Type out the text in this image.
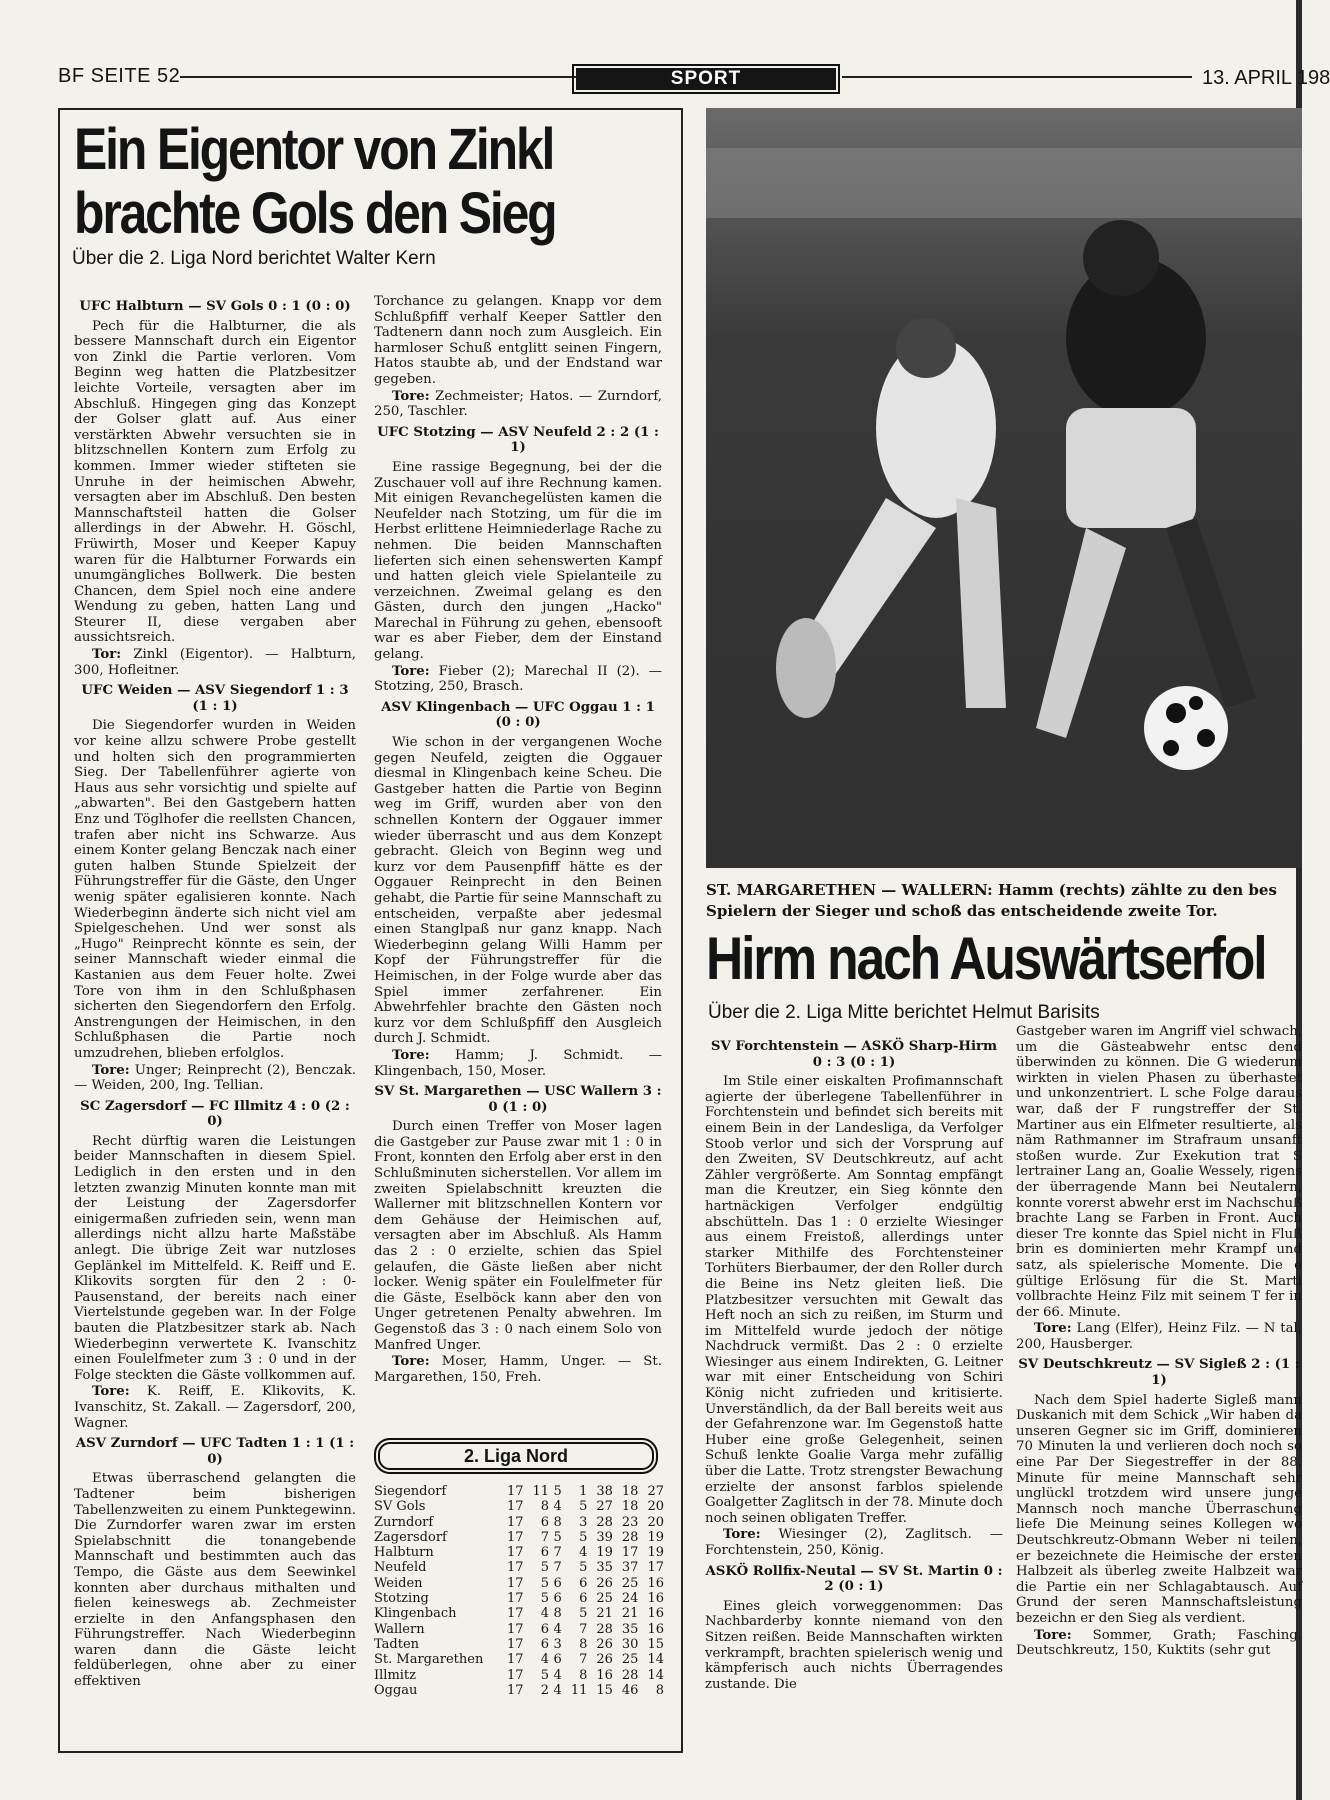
BF SEITE 52	SPORT	13. APRIL 198
Ein Eigentor von Zinkl
brachte Gols den Sieg
Über die 2. Liga Nord berichtet Walter Kern
UFC Halbturn — SV Gols 0 : 1 (0 : 0)

Pech für die Halbturner, die als bessere Mannschaft durch ein Eigentor von Zinkl die Partie verloren. Vom Beginn weg hatten die Platzbesitzer leichte Vorteile, versagten aber im Abschluß. Hingegen ging das Konzept der Golser glatt auf. Aus einer verstärkten Abwehr versuchten sie in blitzschnellen Kontern zum Erfolg zu kommen. Immer wieder stifteten sie Unruhe in der heimischen Abwehr, versagten aber im Abschluß. Den besten Mannschaftsteil hatten die Golser allerdings in der Abwehr. H. Göschl, Früwirth, Moser und Keeper Kapuy waren für die Halbturner Forwards ein unumgängliches Bollwerk. Die besten Chancen, dem Spiel noch eine andere Wendung zu geben, hatten Lang und Steurer II, diese vergaben aber aussichtsreich.

Tor: Zinkl (Eigentor). — Halbturn, 300, Hofleitner.

UFC Weiden — ASV Siegendorf 1 : 3 (1 : 1)

Die Siegendorfer wurden in Weiden vor keine allzu schwere Probe gestellt und holten sich den programmierten Sieg. Der Tabellenführer agierte von Haus aus sehr vorsichtig und spielte auf „abwarten". Bei den Gastgebern hatten Enz und Töglhofer die reellsten Chancen, trafen aber nicht ins Schwarze. Aus einem Konter gelang Benczak nach einer guten halben Stunde Spielzeit der Führungstreffer für die Gäste, den Unger wenig später egalisieren konnte. Nach Wiederbeginn änderte sich nicht viel am Spielgeschehen. Und wer sonst als „Hugo" Reinprecht könnte es sein, der seiner Mannschaft wieder einmal die Kastanien aus dem Feuer holte. Zwei Tore von ihm in den Schlußphasen sicherten den Siegendorfern den Erfolg. Anstrengungen der Heimischen, in den Schlußphasen die Partie noch umzudrehen, blieben erfolglos.

Tore: Unger; Reinprecht (2), Benczak. — Weiden, 200, Ing. Tellian.

SC Zagersdorf — FC Illmitz 4 : 0 (2 : 0)

Recht dürftig waren die Leistungen beider Mannschaften in diesem Spiel. Lediglich in den ersten und in den letzten zwanzig Minuten konnte man mit der Leistung der Zagersdorfer einigermaßen zufrieden sein, wenn man allerdings nicht allzu harte Maßstäbe anlegt. Die übrige Zeit war nutzloses Geplänkel im Mittelfeld. K. Reiff und E. Klikovits sorgten für den 2 : 0-Pausenstand, der bereits nach einer Viertelstunde gegeben war. In der Folge bauten die Platzbesitzer stark ab. Nach Wiederbeginn verwertete K. Ivanschitz einen Foulelfmeter zum 3 : 0 und in der Folge steckten die Gäste vollkommen auf.

Tore: K. Reiff, E. Klikovits, K. Ivanschitz, St. Zakall. — Zagersdorf, 200, Wagner.

ASV Zurndorf — UFC Tadten 1 : 1 (1 : 0)

Etwas überraschend gelangten die Tadtener beim bisherigen Tabellenzweiten zu einem Punktegewinn. Die Zurndorfer waren zwar im ersten Spielabschnitt die tonangebende Mannschaft und bestimmten auch das Tempo, die Gäste aus dem Seewinkel konnten aber durchaus mithalten und fielen keineswegs ab. Zechmeister erzielte in den Anfangsphasen den Führungstreffer. Nach Wiederbeginn waren dann die Gäste leicht feldüberlegen, ohne aber zu einer effektiven

Torchance zu gelangen. Knapp vor dem Schlußpfiff verhalf Keeper Sattler den Tadtenern dann noch zum Ausgleich. Ein harmloser Schuß entglitt seinen Fingern, Hatos staubte ab, und der Endstand war gegeben.

Tore: Zechmeister; Hatos. — Zurndorf, 250, Taschler.

UFC Stotzing — ASV Neufeld 2 : 2 (1 : 1)

Eine rassige Begegnung, bei der die Zuschauer voll auf ihre Rechnung kamen. Mit einigen Revanchegelüsten kamen die Neufelder nach Stotzing, um für die im Herbst erlittene Heimniederlage Rache zu nehmen. Die beiden Mannschaften lieferten sich einen sehenswerten Kampf und hatten gleich viele Spielanteile zu verzeichnen. Zweimal gelang es den Gästen, durch den jungen „Hacko" Marechal in Führung zu gehen, ebensooft war es aber Fieber, dem der Einstand gelang.

Tore: Fieber (2); Marechal II (2). — Stotzing, 250, Brasch.

ASV Klingenbach — UFC Oggau 1 : 1 (0 : 0)

Wie schon in der vergangenen Woche gegen Neufeld, zeigten die Oggauer diesmal in Klingenbach keine Scheu. Die Gastgeber hatten die Partie von Beginn weg im Griff, wurden aber von den schnellen Kontern der Oggauer immer wieder überrascht und aus dem Konzept gebracht. Gleich von Beginn weg und kurz vor dem Pausenpfiff hätte es der Oggauer Reinprecht in den Beinen gehabt, die Partie für seine Mannschaft zu entscheiden, verpaßte aber jedesmal einen Stanglpaß nur ganz knapp. Nach Wiederbeginn gelang Willi Hamm per Kopf der Führungstreffer für die Heimischen, in der Folge wurde aber das Spiel immer zerfahrener. Ein Abwehrfehler brachte den Gästen noch kurz vor dem Schlußpfiff den Ausgleich durch J. Schmidt.

Tore: Hamm; J. Schmidt. — Klingenbach, 150, Moser.

SV St. Margarethen — USC Wallern 3 : 0 (1 : 0)

Durch einen Treffer von Moser lagen die Gastgeber zur Pause zwar mit 1 : 0 in Front, konnten den Erfolg aber erst in den Schlußminuten sicherstellen. Vor allem im zweiten Spielabschnitt kreuzten die Wallerner mit blitzschnellen Kontern vor dem Gehäuse der Heimischen auf, versagten aber im Abschluß. Als Hamm das 2 : 0 erzielte, schien das Spiel gelaufen, die Gäste ließen aber nicht locker. Wenig später ein Foulelfmeter für die Gäste, Eselböck kann aber den von Unger getretenen Penalty abwehren. Im Gegenstoß das 3 : 0 nach einem Solo von Manfred Unger.

Tore: Moser, Hamm, Unger. — St. Margarethen, 150, Freh.

2. Liga Nord
Siegendorf	17	11	5	1	38	18	27
SV Gols	17	8	4	5	27	18	20
Zurndorf	17	6	8	3	28	23	20
Zagersdorf	17	7	5	5	39	28	19
Halbturn	17	6	7	4	19	17	19
Neufeld	17	5	7	5	35	37	17
Weiden	17	5	6	6	26	25	16
Stotzing	17	5	6	6	25	24	16
Klingenbach	17	4	8	5	21	21	16
Wallern	17	6	4	7	28	35	16
Tadten	17	6	3	8	26	30	15
St. Margarethen	17	4	6	7	26	25	14
Illmitz	17	5	4	8	16	28	14
Oggau	17	2	4	11	15	46	8
ST. MARGARETHEN — WALLERN: Hamm (rechts) zählte zu den bes
Spielern der Sieger und schoß das entscheidende zweite Tor.
Hirm nach Auswärtserfol
Über die 2. Liga Mitte berichtet Helmut Barisits
SV Forchtenstein — ASKÖ Sharp-Hirm 0 : 3 (0 : 1)

Im Stile einer eiskalten Profimannschaft agierte der überlegene Tabellenführer in Forchtenstein und befindet sich bereits mit einem Bein in der Landesliga, da Verfolger Stoob verlor und sich der Vorsprung auf den Zweiten, SV Deutschkreutz, auf acht Zähler vergrößerte. Am Sonntag empfängt man die Kreutzer, ein Sieg könnte den hartnäckigen Verfolger endgültig abschütteln. Das 1 : 0 erzielte Wiesinger aus einem Freistoß, allerdings unter starker Mithilfe des Forchtensteiner Torhüters Bierbaumer, der den Roller durch die Beine ins Netz gleiten ließ. Die Platzbesitzer versuchten mit Gewalt das Heft noch an sich zu reißen, im Sturm und im Mittelfeld wurde jedoch der nötige Nachdruck vermißt. Das 2 : 0 erzielte Wiesinger aus einem Indirekten, G. Leitner war mit einer Entscheidung von Schiri König nicht zufrieden und kritisierte. Unverständlich, da der Ball bereits weit aus der Gefahrenzone war. Im Gegenstoß hatte Huber eine große Gelegenheit, seinen Schuß lenkte Goalie Varga mehr zufällig über die Latte. Trotz strengster Bewachung erzielte der ansonst farblos spielende Goalgetter Zaglitsch in der 78. Minute doch noch seinen obligaten Treffer.

Tore: Wiesinger (2), Zaglitsch. — Forchtenstein, 250, König.

ASKÖ Rollfix-Neutal — SV St. Martin 0 : 2 (0 : 1)

Eines gleich vorweggenommen: Das Nachbarderby konnte niemand von den Sitzen reißen. Beide Mannschaften wirkten verkrampft, brachten spielerisch wenig und kämpferisch auch nichts Überragendes zustande. Die

Gastgeber waren im Angriff viel schwach, um die Gästeabwehr entsc dend überwinden zu können. Die G wiederum wirkten in vielen Phasen zu überhastet und unkonzentriert. L sche Folge daraus war, daß der F rungstreffer der St. Martiner aus ein Elfmeter resultierte, als näm Rathmanner im Strafraum unsanft stoßen wurde. Zur Exekution trat S lertrainer Lang an, Goalie Wessely, rigens der überragende Mann bei Neutalern, konnte vorerst abwehr erst im Nachschuß brachte Lang se Farben in Front. Auch dieser Tre konnte das Spiel nicht in Fluß brin es dominierten mehr Krampf und satz, als spielerische Momente. Die e gültige Erlösung für die St. Marti vollbrachte Heinz Filz mit seinem T fer in der 66. Minute.

Tore: Lang (Elfer), Heinz Filz. — N tal, 200, Hausberger.

SV Deutschkreutz — SV Sigleß 2 : (1 : 1)

Nach dem Spiel haderte Sigleß mann Duskanich mit dem Schick „Wir haben da unseren Gegner sic im Griff, dominieren 70 Minuten la und verlieren doch noch so eine Par Der Siegestreffer in der 88. Minute für meine Mannschaft sehr unglückl trotzdem wird unsere junge Mannsch noch manche Überraschung liefe Die Meinung seines Kollegen wo Deutschkreutz-Obmann Weber ni teilen, er bezeichnete die Heimische der ersten Halbzeit als überleg zweite Halbzeit war die Partie ein ner Schlagabtausch. Auf Grund der seren Mannschaftsleistung bezeichn er den Sieg als verdient.

Tore: Sommer, Grath; Fasching. Deutschkreutz, 150, Kuktits (sehr gut
